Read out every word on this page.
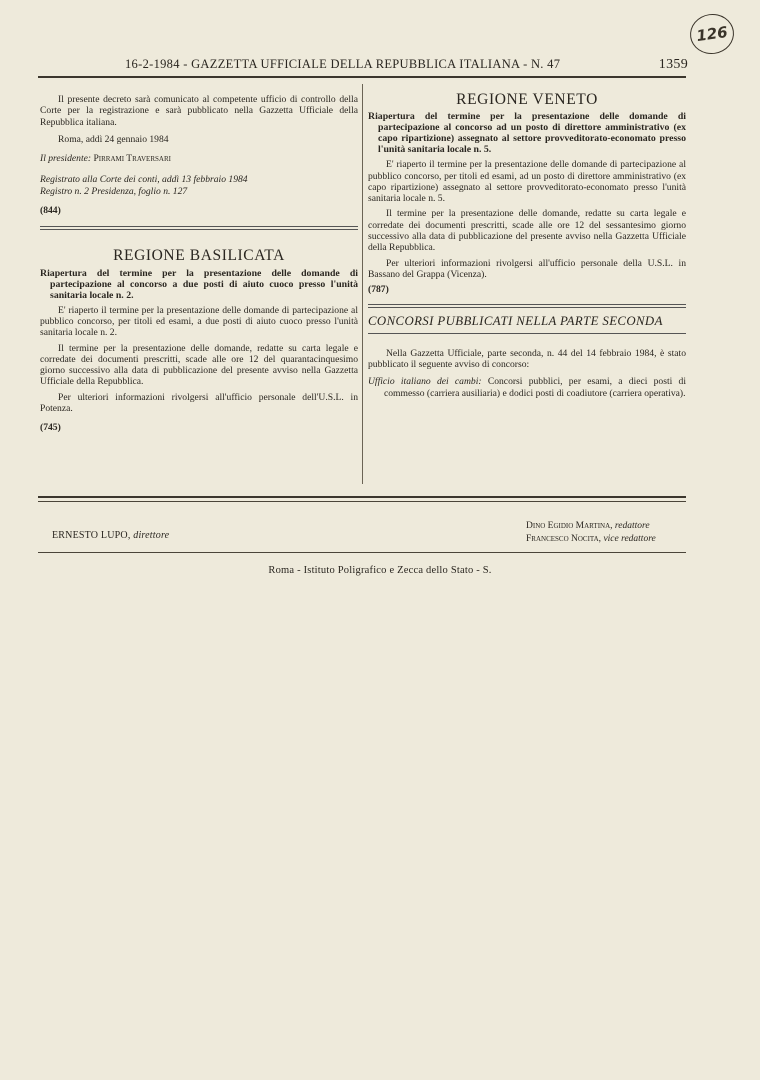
126
16-2-1984 - GAZZETTA UFFICIALE DELLA REPUBBLICA ITALIANA - N. 47	1359

Il presente decreto sarà comunicato al competente ufficio di controllo della Corte per la registrazione e sarà pubblicato nella Gazzetta Ufficiale della Repubblica italiana.

Roma, addì 24 gennaio 1984

Il presidente: Pirrami Traversari

Registrato alla Corte dei conti, addì 13 febbraio 1984

Registro n. 2 Presidenza, foglio n. 127

(844)

REGIONE BASILICATA

Riapertura del termine per la presentazione delle domande di partecipazione al concorso a due posti di aiuto cuoco presso l'unità sanitaria locale n. 2.

E' riaperto il termine per la presentazione delle domande di partecipazione al pubblico concorso, per titoli ed esami, a due posti di aiuto cuoco presso l'unità sanitaria locale n. 2.

Il termine per la presentazione delle domande, redatte su carta legale e corredate dei documenti prescritti, scade alle ore 12 del quarantacinquesimo giorno successivo alla data di pubblicazione del presente avviso nella Gazzetta Ufficiale della Repubblica.

Per ulteriori informazioni rivolgersi all'ufficio personale dell'U.S.L. in Potenza.

(745)

REGIONE VENETO

Riapertura del termine per la presentazione delle domande di partecipazione al concorso ad un posto di direttore amministrativo (ex capo ripartizione) assegnato al settore provveditorato-economato presso l'unità sanitaria locale n. 5.

E' riaperto il termine per la presentazione delle domande di partecipazione al pubblico concorso, per titoli ed esami, ad un posto di direttore amministrativo (ex capo ripartizione) assegnato al settore provveditorato-economato presso l'unità sanitaria locale n. 5.

Il termine per la presentazione delle domande, redatte su carta legale e corredate dei documenti prescritti, scade alle ore 12 del sessantesimo giorno successivo alla data di pubblicazione del presente avviso nella Gazzetta Ufficiale della Repubblica.

Per ulteriori informazioni rivolgersi all'ufficio personale della U.S.L. in Bassano del Grappa (Vicenza).

(787)

CONCORSI PUBBLICATI NELLA PARTE SECONDA

Nella Gazzetta Ufficiale, parte seconda, n. 44 del 14 febbraio 1984, è stato pubblicato il seguente avviso di concorso:

Ufficio italiano dei cambi: Concorsi pubblici, per esami, a dieci posti di commesso (carriera ausiliaria) e dodici posti di coadiutore (carriera operativa).

ERNESTO LUPO, direttore
Dino Egidio Martina, redattore
Francesco Nocita, vice redattore
Roma - Istituto Poligrafico e Zecca dello Stato - S.
